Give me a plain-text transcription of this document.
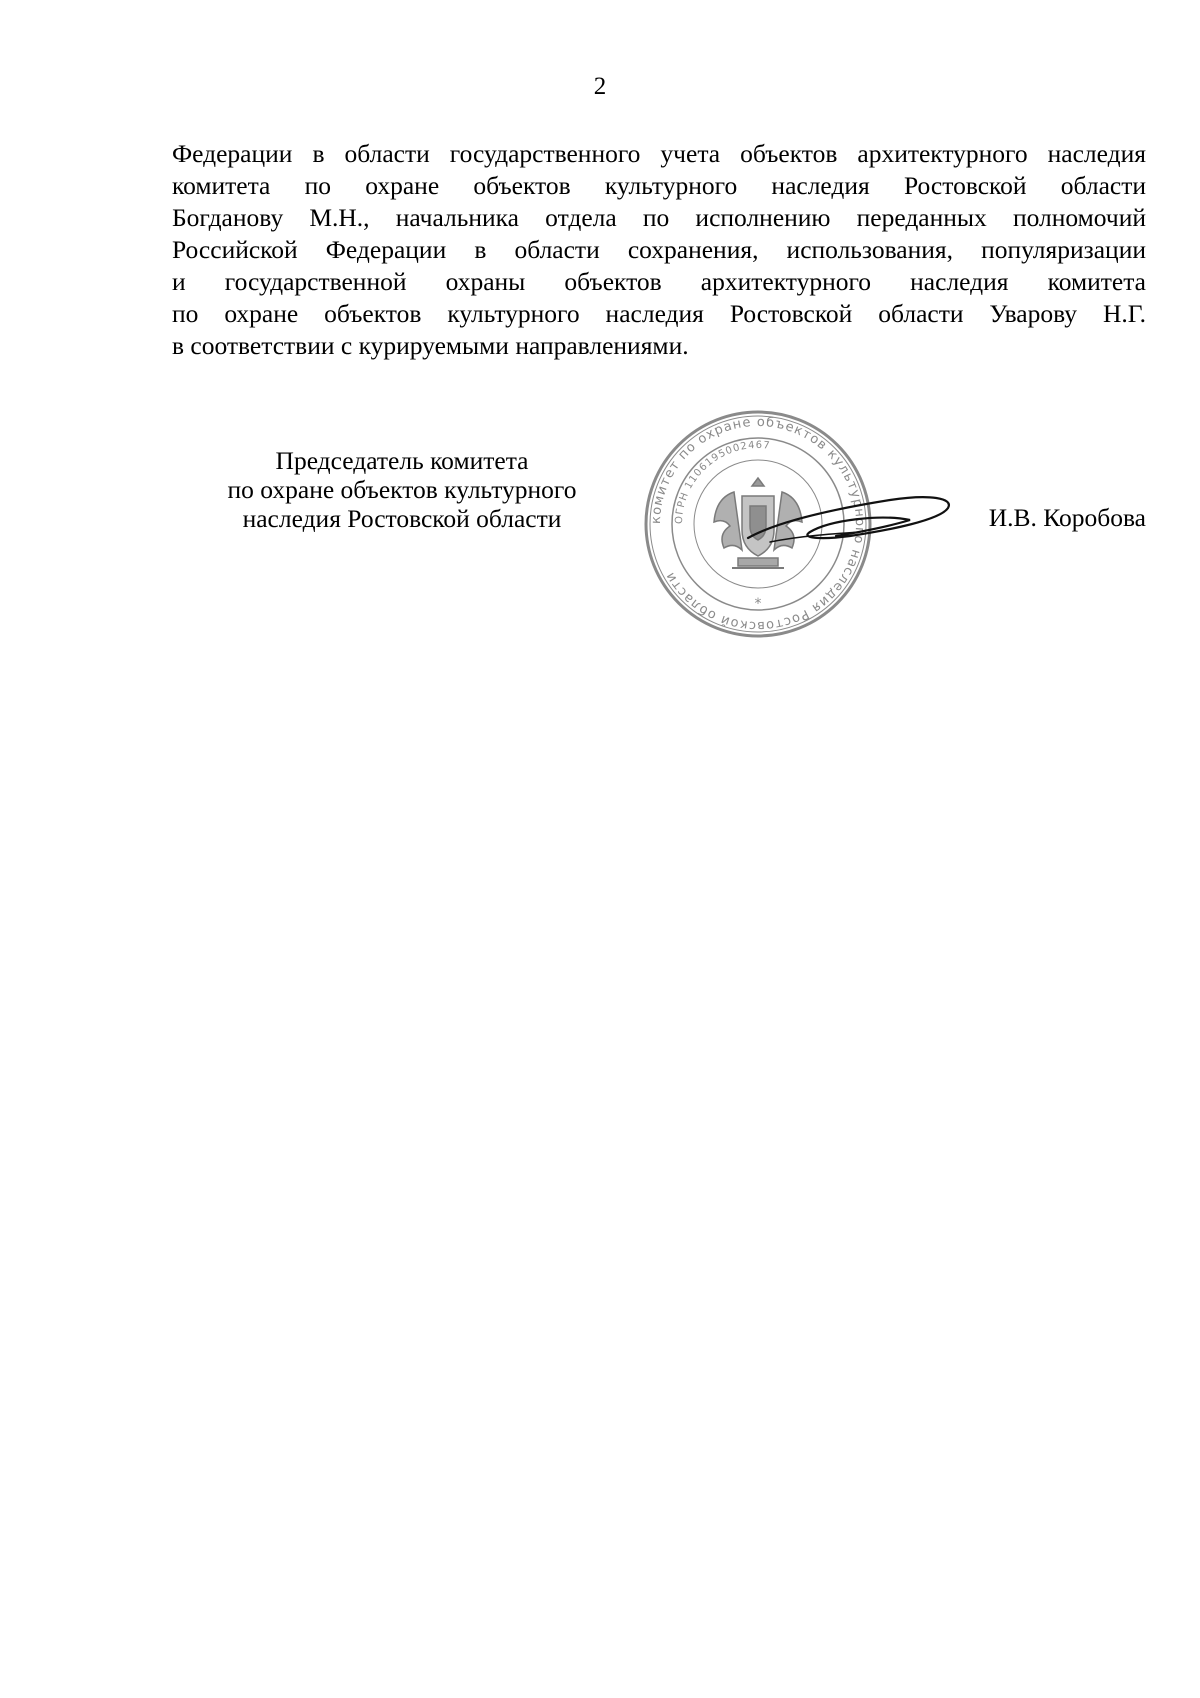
2
Федерации в области государственного учета объектов архитектурного наследия
комитета по охране объектов культурного наследия Ростовской области
Богданову М.Н., начальника отдела по исполнению переданных полномочий
Российской Федерации в области сохранения, использования, популяризации
и государственной охраны объектов архитектурного наследия комитета
по охране объектов культурного наследия Ростовской области Уварову Н.Г.
в соответствии с курируемыми направлениями.
Председатель комитета
по охране объектов культурного
наследия Ростовской области	комитет по охране объектов культурного наследия Ростовской области
ОГРН 1106195002467
*
И.В. Коробова
